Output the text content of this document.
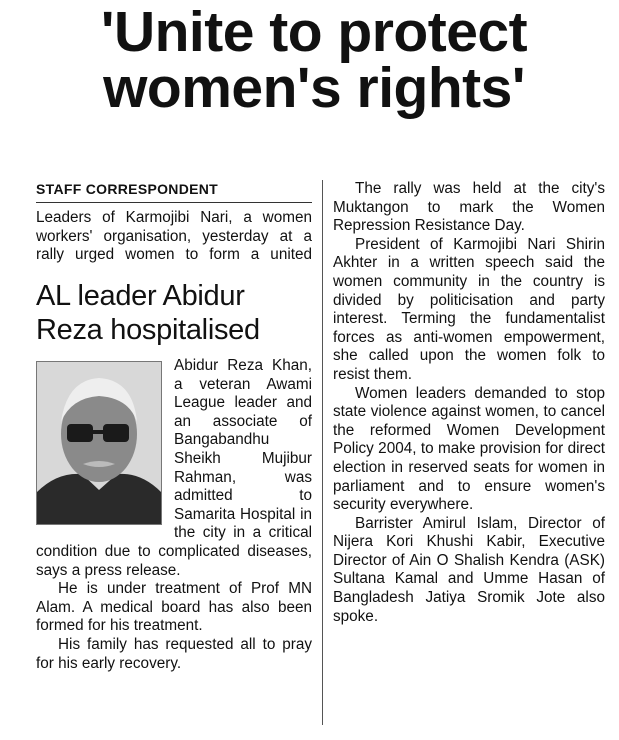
'Unite to protect
women's rights'
STAFF CORRESPONDENT

Leaders of Karmojibi Nari, a women workers' organisation, yesterday at a rally urged women to form a united

AL leader Abidur Reza hospitalised

Abidur Reza Khan, a veteran Awami League leader and an associate of Bangabandhu Sheikh Mujibur Rahman, was admitted to Samarita Hospital in the city in a critical condition due to complicated diseases, says a press release.

He is under treatment of Prof MN Alam. A medical board has also been formed for his treatment.

His family has requested all to pray for his early recovery.

The rally was held at the city's Muktangon to mark the Women Repression Resistance Day.

President of Karmojibi Nari Shirin Akhter in a written speech said the women community in the country is divided by politicisation and party interest. Terming the fundamentalist forces as anti-women empowerment, she called upon the women folk to resist them.

Women leaders demanded to stop state violence against women, to cancel the reformed Women Development Policy 2004, to make provision for direct election in reserved seats for women in parliament and to ensure women's security everywhere.

Barrister Amirul Islam, Director of Nijera Kori Khushi Kabir, Executive Director of Ain O Shalish Kendra (ASK) Sultana Kamal and Umme Hasan of Bangladesh Jatiya Sromik Jote also spoke.
